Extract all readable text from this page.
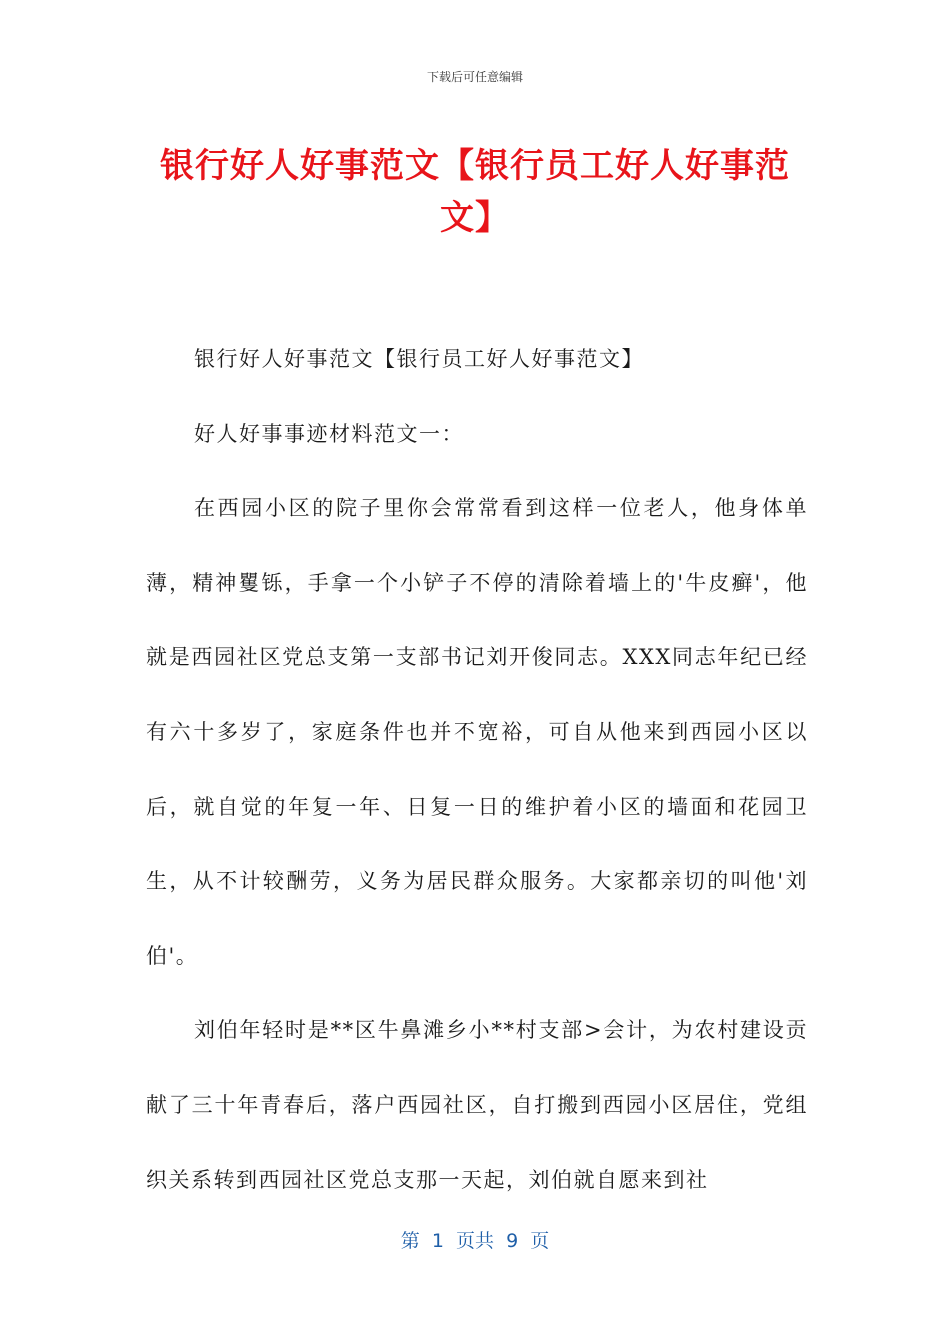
下载后可任意编辑
银行好人好事范文【银行员工好人好事范文】

银行好人好事范文【银行员工好人好事范文】

好人好事事迹材料范文一：

在西园小区的院子里你会常常看到这样一位老人，他身体单薄，精神矍铄，手拿一个小铲子不停的清除着墙上的'牛皮癣'，他就是西园社区党总支第一支部书记刘开俊同志。XXX同志年纪已经有六十多岁了，家庭条件也并不宽裕，可自从他来到西园小区以后，就自觉的年复一年、日复一日的维护着小区的墙面和花园卫生，从不计较酬劳，义务为居民群众服务。大家都亲切的叫他'刘伯'。

刘伯年轻时是**区牛鼻滩乡小**村支部>会计，为农村建设贡献了三十年青春后，落户西园社区，自打搬到西园小区居住，党组织关系转到西园社区党总支那一天起，刘伯就自愿来到社

第  1  页共  9  页
